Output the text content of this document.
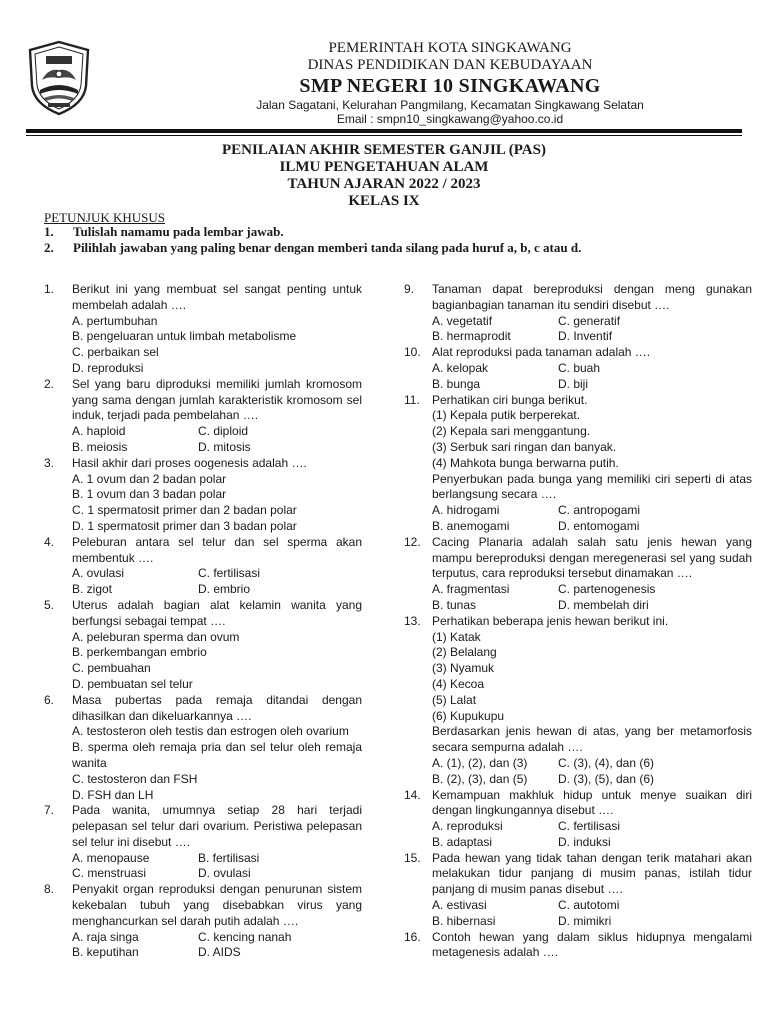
PEMERINTAH KOTA SINGKAWANG
DINAS PENDIDIKAN DAN KEBUDAYAAN
SMP NEGERI 10 SINGKAWANG
Jalan Sagatani, Kelurahan Pangmilang, Kecamatan Singkawang Selatan
Email : smpn10_singkawang@yahoo.co.id
PENILAIAN AKHIR SEMESTER GANJIL (PAS)
ILMU PENGETAHUAN ALAM
TAHUN AJARAN 2022 / 2023
KELAS IX
PETUNJUK KHUSUS
1. Tulislah namamu pada lembar jawab.
2. Pilihlah jawaban yang paling benar dengan memberi tanda silang pada huruf a, b, c atau d.
1.	Berikut ini yang membuat sel sangat penting untuk membelah adalah ….
A. pertumbuhan
B. pengeluaran untuk limbah metabolisme
C. perbaikan sel
D. reproduksi
2.	Sel yang baru diproduksi memiliki jumlah kromosom yang sama dengan jumlah karakteristik kromosom sel induk, terjadi pada pembelahan ….
A. haploid	C. diploid
B. meiosis	D. mitosis
3.	Hasil akhir dari proses oogenesis adalah ….
A. 1 ovum dan 2 badan polar
B. 1 ovum dan 3 badan polar
C. 1 spermatosit primer dan 2 badan polar
D. 1 spermatosit primer dan 3 badan polar
4.	Peleburan antara sel telur dan sel sperma akan membentuk ….
A. ovulasi	C. fertilisasi
B. zigot	D. embrio
5.	Uterus adalah bagian alat kelamin wanita yang berfungsi sebagai tempat ….
A. peleburan sperma dan ovum
B. perkembangan embrio
C. pembuahan
D. pembuatan sel telur
6.	Masa pubertas pada remaja ditandai dengan dihasilkan dan dikeluarkannya ….
A. testosteron oleh testis dan estrogen oleh ovarium
B. sperma oleh remaja pria dan sel telur oleh remaja wanita
C. testosteron dan FSH
D. FSH dan LH
7.	Pada wanita, umumnya setiap 28 hari terjadi pelepasan sel telur dari ovarium. Peristiwa pelepasan sel telur ini disebut ….
A. menopause	B. fertilisasi
C. menstruasi	D. ovulasi
8.	Penyakit organ reproduksi dengan penurunan sistem kekebalan tubuh yang disebabkan virus yang menghancurkan sel darah putih adalah ….
A. raja singa	C. kencing nanah
B. keputihan	D. AIDS
9.	Tanaman dapat bereproduksi dengan meng gunakan bagianbagian tanaman itu sendiri disebut ….
A. vegetatif	C. generatif
B. hermaprodit	D. Inventif
10. Alat reproduksi pada tanaman adalah ….
A. kelopak	C. buah
B. bunga	D. biji
11.	Perhatikan ciri bunga berikut.
(1) Kepala putik berperekat.
(2) Kepala sari menggantung.
(3) Serbuk sari ringan dan banyak.
(4) Mahkota bunga berwarna putih.
Penyerbukan pada bunga yang memiliki ciri seperti di atas berlangsung secara ….
A. hidrogami	C. antropogami
B. anemogami	D. entomogami
12. Cacing Planaria adalah salah satu jenis hewan yang mampu bereproduksi dengan meregenerasi sel yang sudah terputus, cara reproduksi tersebut dinamakan ….
A. fragmentasi	C. partenogenesis
B. tunas	D. membelah diri
13. Perhatikan beberapa jenis hewan berikut ini.
(1) Katak
(2) Belalang
(3) Nyamuk
(4) Kecoa
(5) Lalat
(6) Kupukupu
Berdasarkan jenis hewan di atas, yang ber metamorfosis secara sempurna adalah ….
A. (1), (2), dan (3)	C. (3), (4), dan (6)
B. (2), (3), dan (5)	D. (3), (5), dan (6)
14. Kemampuan makhluk hidup untuk menye suaikan diri dengan lingkungannya disebut ….
A. reproduksi	C. fertilisasi
B. adaptasi	D. induksi
15. Pada hewan yang tidak tahan dengan terik matahari akan melakukan tidur panjang di musim panas, istilah tidur panjang di musim panas disebut ….
A. estivasi	C. autotomi
B. hibernasi	D. mimikri
16. Contoh hewan yang dalam siklus hidupnya mengalami metagenesis adalah ….
